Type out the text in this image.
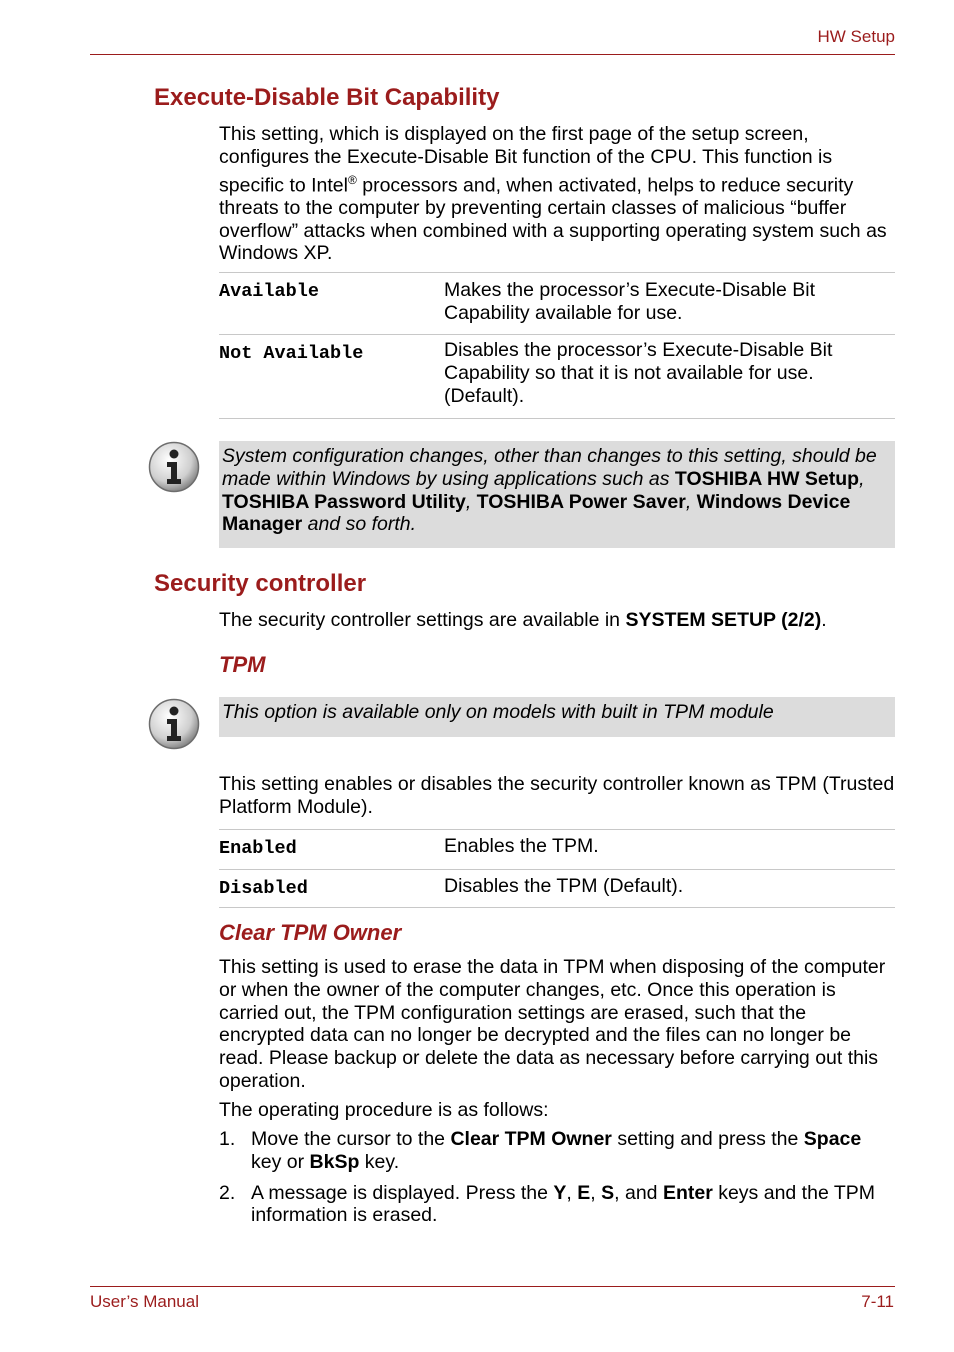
HW Setup
Execute-Disable Bit Capability

This setting, which is displayed on the first page of the setup screen, configures the Execute-Disable Bit function of the CPU. This function is specific to Intel® processors and, when activated, helps to reduce security threats to the computer by preventing certain classes of malicious “buffer overflow” attacks when combined with a supporting operating system such as Windows XP.

Available	Makes the processor’s Execute-Disable Bit Capability available for use.
Not Available	Disables the processor’s Execute-Disable Bit Capability so that it is not available for use. (Default).
System configuration changes, other than changes to this setting, should be made within Windows by using applications such as TOSHIBA HW Setup, TOSHIBA Password Utility, TOSHIBA Power Saver, Windows Device Manager and so forth.
Security controller

The security controller settings are available in SYSTEM SETUP (2/2).

TPM
This option is available only on models with built in TPM module

This setting enables or disables the security controller known as TPM (Trusted Platform Module).

Enabled	Enables the TPM.
Disabled	Disables the TPM (Default).
Clear TPM Owner

This setting is used to erase the data in TPM when disposing of the computer or when the owner of the computer changes, etc. Once this operation is carried out, the TPM configuration settings are erased, such that the encrypted data can no longer be decrypted and the files can no longer be read. Please backup or delete the data as necessary before carrying out this operation.

The operating procedure is as follows:

1. Move the cursor to the Clear TPM Owner setting and press the Space key or BkSp key.
2. A message is displayed. Press the Y, E, S, and Enter keys and the TPM information is erased.
User’s Manual	7-11
